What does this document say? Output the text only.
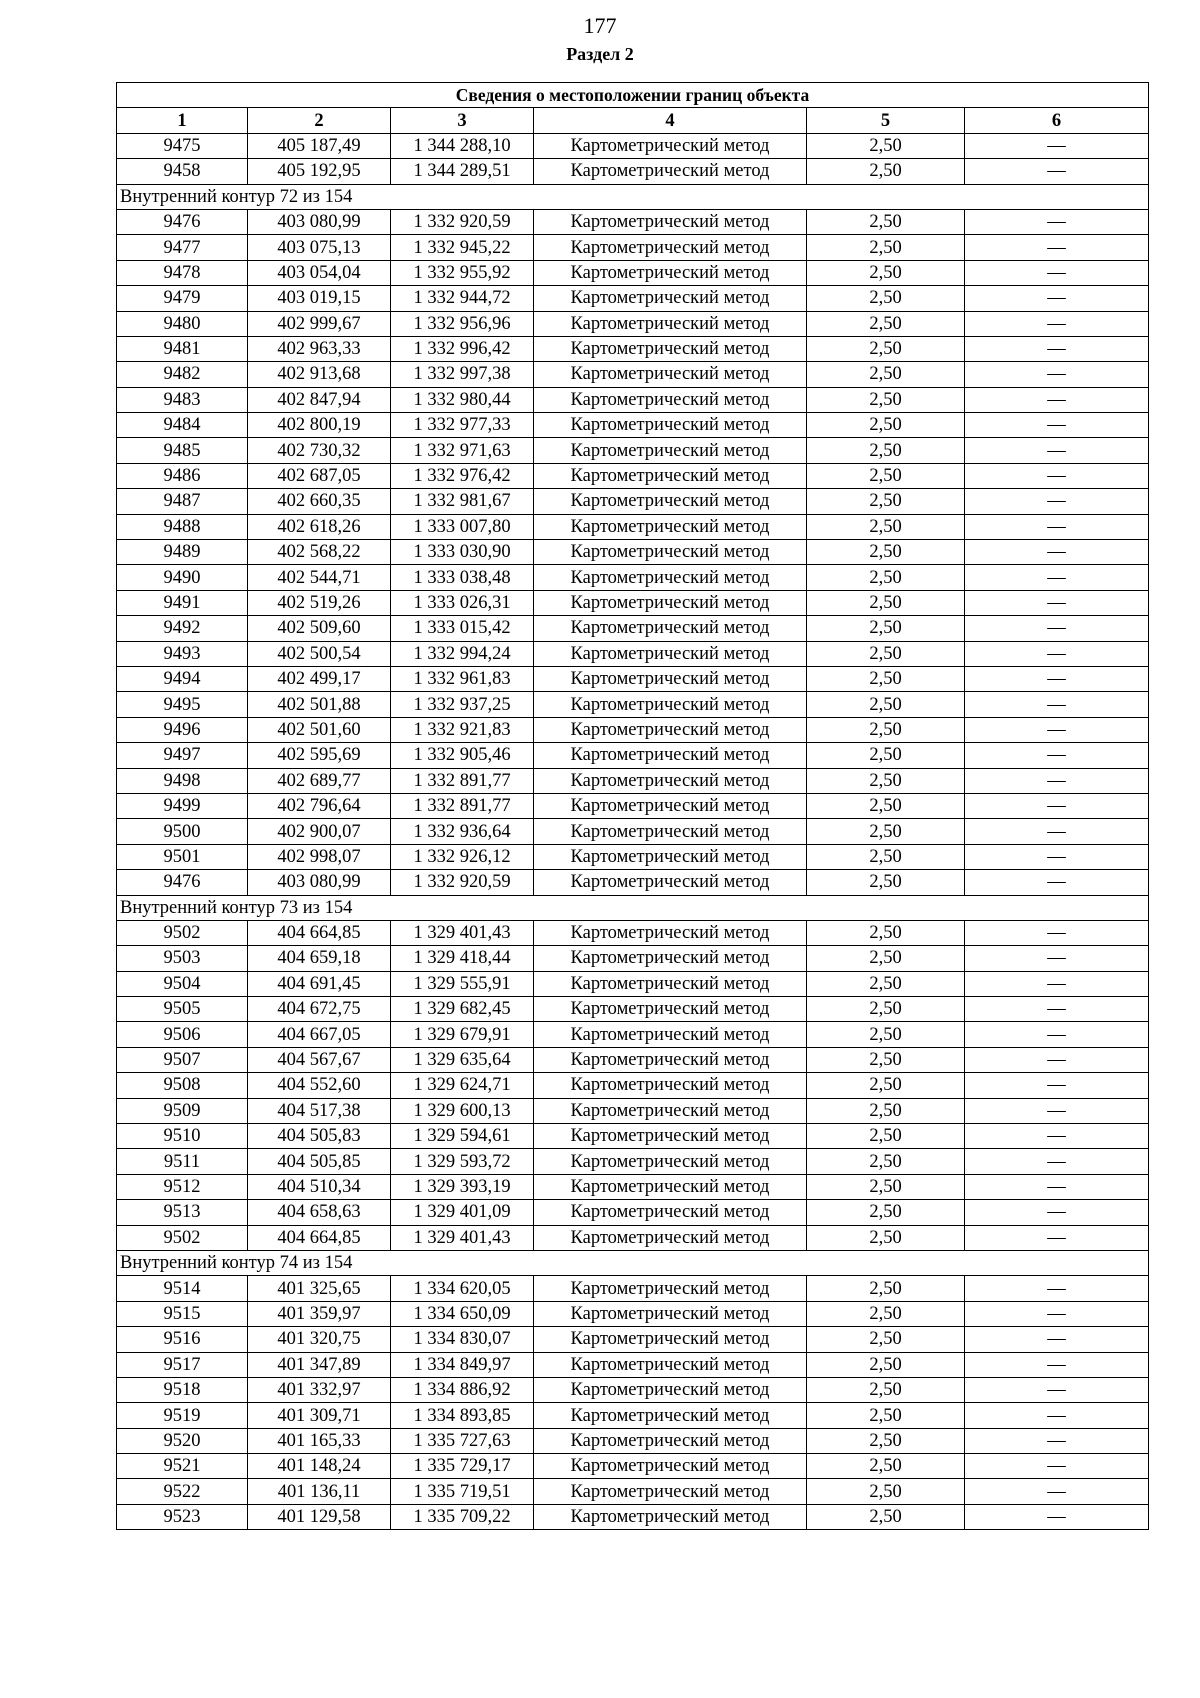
177
Раздел 2
Сведения о местоположении границ объекта					
1	2	3	4	5	6
9475	405 187,49	1 344 288,10	Картометрический метод	2,50	—
9458	405 192,95	1 344 289,51	Картометрический метод	2,50	—
Внутренний контур 72 из 154					
9476	403 080,99	1 332 920,59	Картометрический метод	2,50	—
9477	403 075,13	1 332 945,22	Картометрический метод	2,50	—
9478	403 054,04	1 332 955,92	Картометрический метод	2,50	—
9479	403 019,15	1 332 944,72	Картометрический метод	2,50	—
9480	402 999,67	1 332 956,96	Картометрический метод	2,50	—
9481	402 963,33	1 332 996,42	Картометрический метод	2,50	—
9482	402 913,68	1 332 997,38	Картометрический метод	2,50	—
9483	402 847,94	1 332 980,44	Картометрический метод	2,50	—
9484	402 800,19	1 332 977,33	Картометрический метод	2,50	—
9485	402 730,32	1 332 971,63	Картометрический метод	2,50	—
9486	402 687,05	1 332 976,42	Картометрический метод	2,50	—
9487	402 660,35	1 332 981,67	Картометрический метод	2,50	—
9488	402 618,26	1 333 007,80	Картометрический метод	2,50	—
9489	402 568,22	1 333 030,90	Картометрический метод	2,50	—
9490	402 544,71	1 333 038,48	Картометрический метод	2,50	—
9491	402 519,26	1 333 026,31	Картометрический метод	2,50	—
9492	402 509,60	1 333 015,42	Картометрический метод	2,50	—
9493	402 500,54	1 332 994,24	Картометрический метод	2,50	—
9494	402 499,17	1 332 961,83	Картометрический метод	2,50	—
9495	402 501,88	1 332 937,25	Картометрический метод	2,50	—
9496	402 501,60	1 332 921,83	Картометрический метод	2,50	—
9497	402 595,69	1 332 905,46	Картометрический метод	2,50	—
9498	402 689,77	1 332 891,77	Картометрический метод	2,50	—
9499	402 796,64	1 332 891,77	Картометрический метод	2,50	—
9500	402 900,07	1 332 936,64	Картометрический метод	2,50	—
9501	402 998,07	1 332 926,12	Картометрический метод	2,50	—
9476	403 080,99	1 332 920,59	Картометрический метод	2,50	—
Внутренний контур 73 из 154					
9502	404 664,85	1 329 401,43	Картометрический метод	2,50	—
9503	404 659,18	1 329 418,44	Картометрический метод	2,50	—
9504	404 691,45	1 329 555,91	Картометрический метод	2,50	—
9505	404 672,75	1 329 682,45	Картометрический метод	2,50	—
9506	404 667,05	1 329 679,91	Картометрический метод	2,50	—
9507	404 567,67	1 329 635,64	Картометрический метод	2,50	—
9508	404 552,60	1 329 624,71	Картометрический метод	2,50	—
9509	404 517,38	1 329 600,13	Картометрический метод	2,50	—
9510	404 505,83	1 329 594,61	Картометрический метод	2,50	—
9511	404 505,85	1 329 593,72	Картометрический метод	2,50	—
9512	404 510,34	1 329 393,19	Картометрический метод	2,50	—
9513	404 658,63	1 329 401,09	Картометрический метод	2,50	—
9502	404 664,85	1 329 401,43	Картометрический метод	2,50	—
Внутренний контур 74 из 154					
9514	401 325,65	1 334 620,05	Картометрический метод	2,50	—
9515	401 359,97	1 334 650,09	Картометрический метод	2,50	—
9516	401 320,75	1 334 830,07	Картометрический метод	2,50	—
9517	401 347,89	1 334 849,97	Картометрический метод	2,50	—
9518	401 332,97	1 334 886,92	Картометрический метод	2,50	—
9519	401 309,71	1 334 893,85	Картометрический метод	2,50	—
9520	401 165,33	1 335 727,63	Картометрический метод	2,50	—
9521	401 148,24	1 335 729,17	Картометрический метод	2,50	—
9522	401 136,11	1 335 719,51	Картометрический метод	2,50	—
9523	401 129,58	1 335 709,22	Картометрический метод	2,50	—
